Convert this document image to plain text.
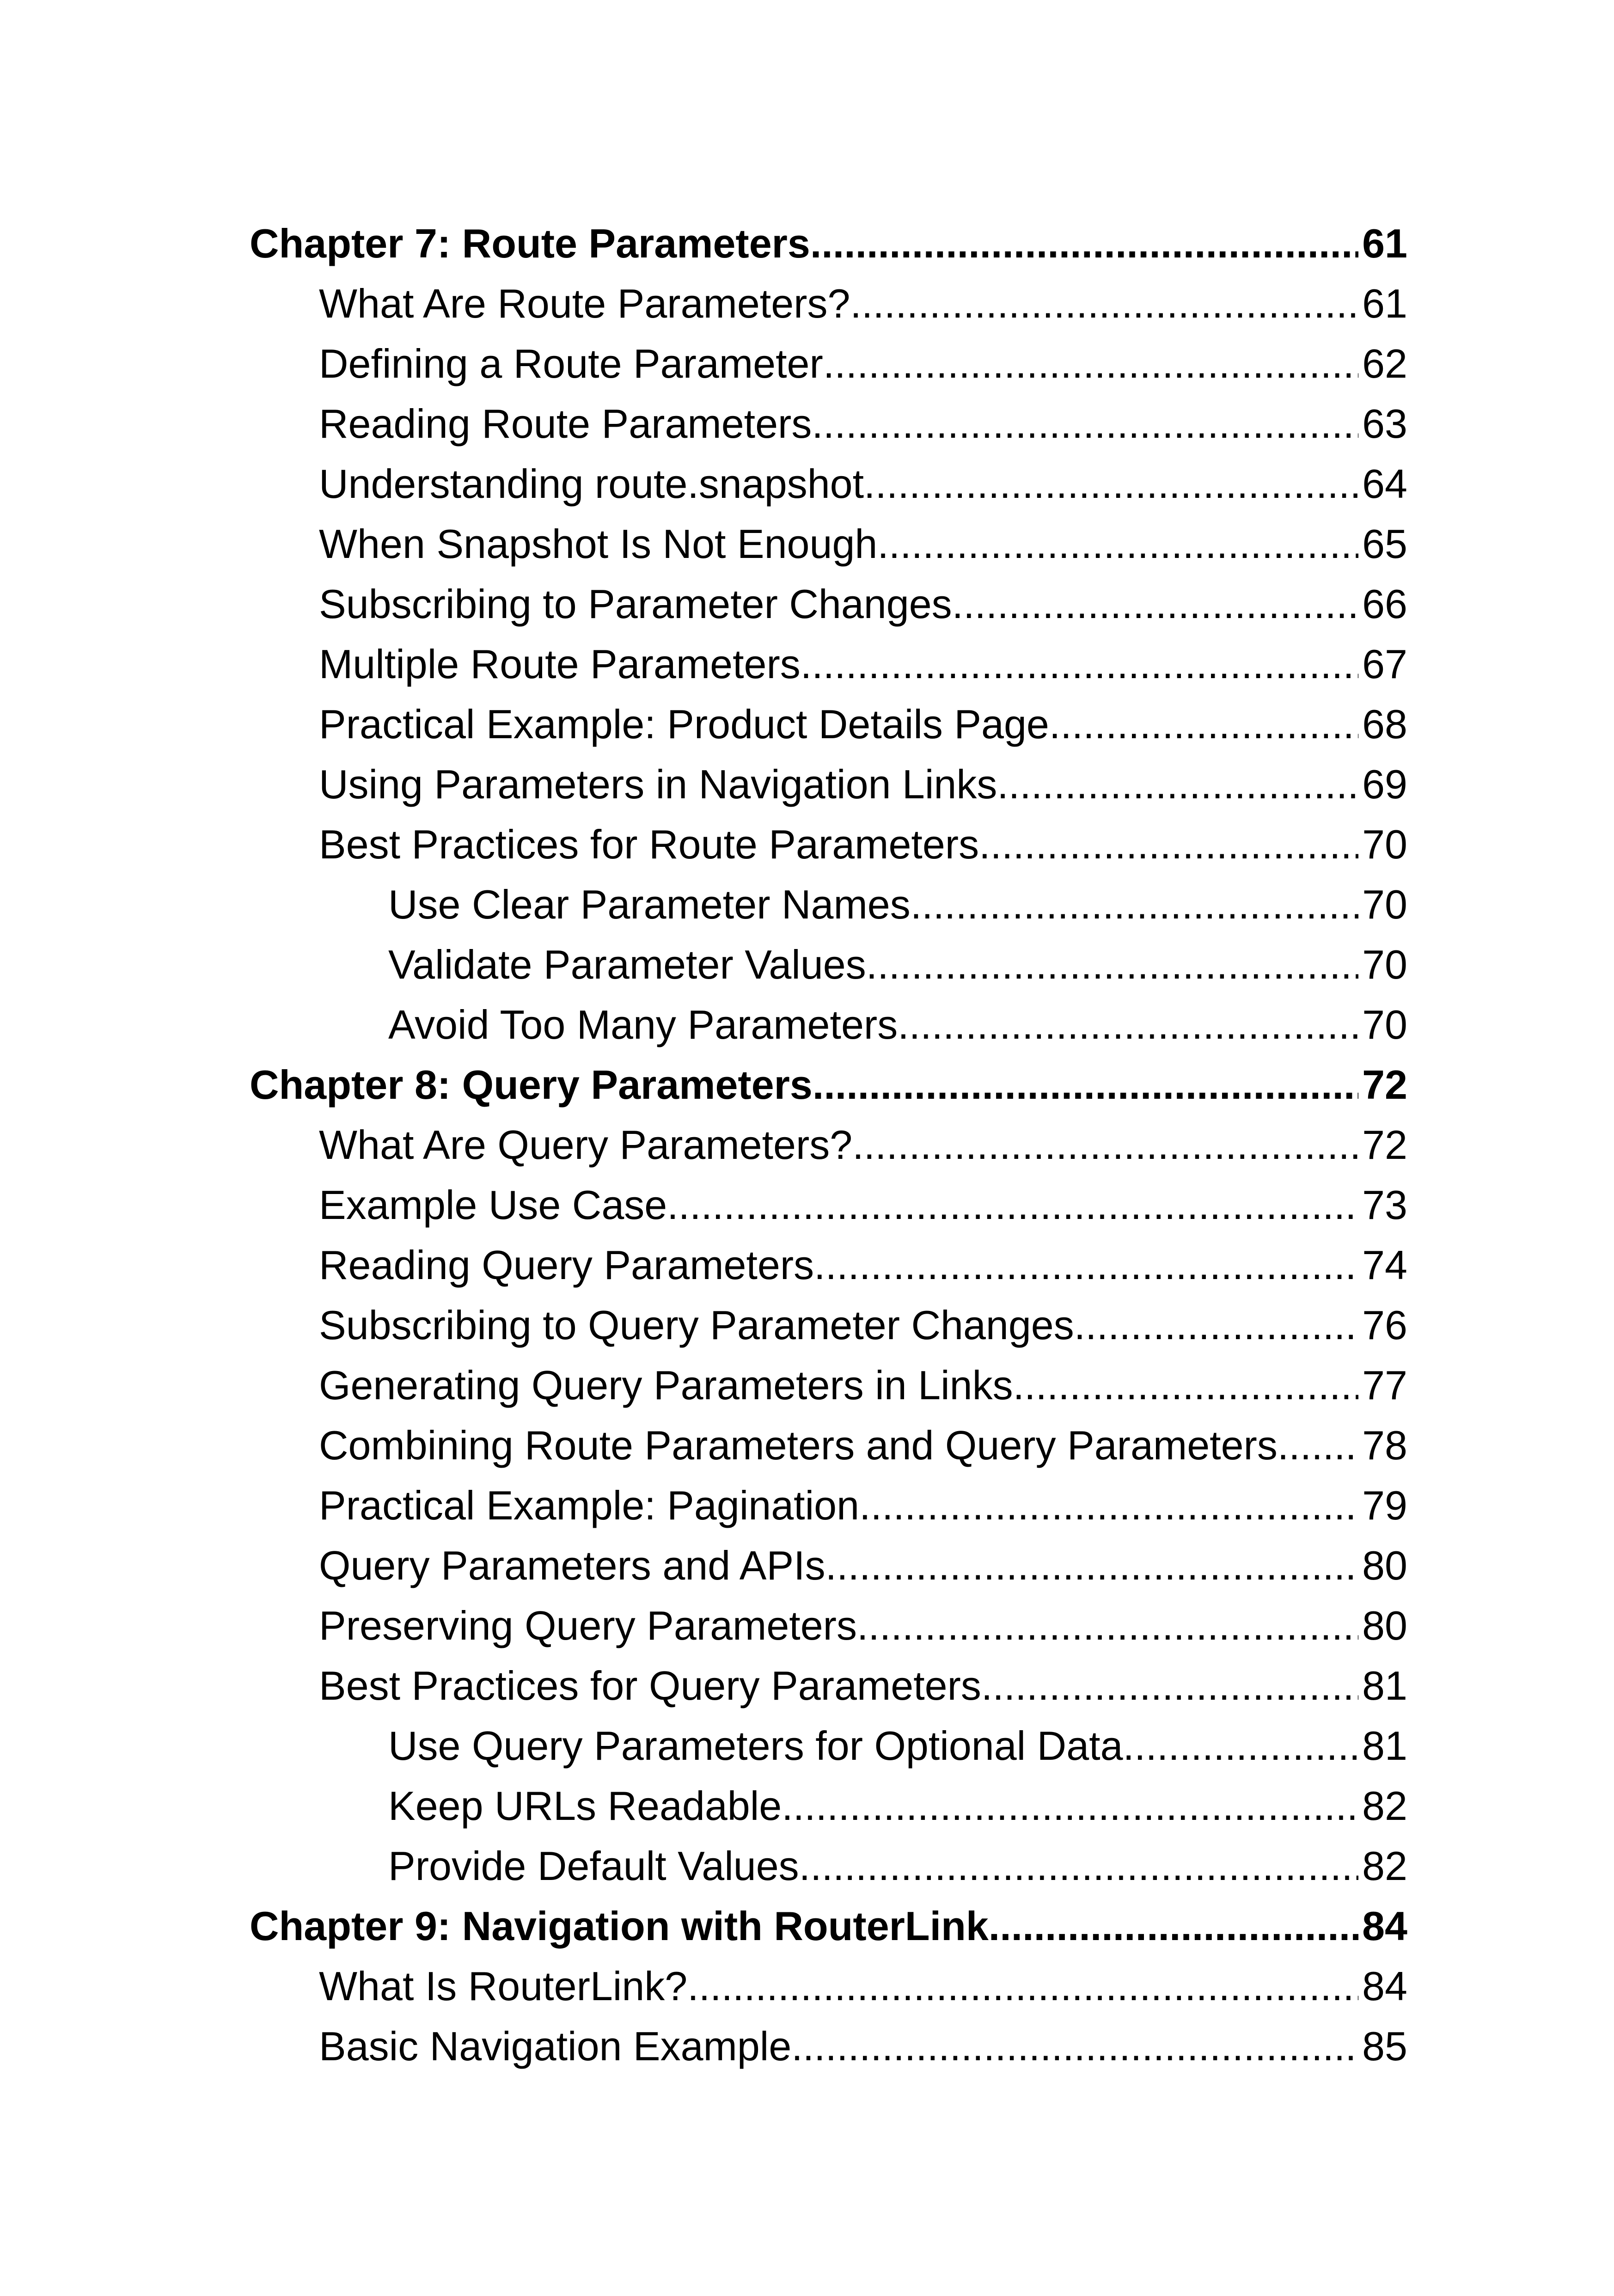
Chapter 7: Route Parameters .....	61
What Are Route Parameters? .....	61
Defining a Route Parameter .....	62
Reading Route Parameters .....	63
Understanding route.snapshot .....	64
When Snapshot Is Not Enough .....	65
Subscribing to Parameter Changes .....	66
Multiple Route Parameters .....	67
Practical Example: Product Details Page .....	68
Using Parameters in Navigation Links .....	69
Best Practices for Route Parameters .....	70
Use Clear Parameter Names .....	70
Validate Parameter Values .....	70
Avoid Too Many Parameters .....	70
Chapter 8: Query Parameters .....	72
What Are Query Parameters? .....	72
Example Use Case .....	73
Reading Query Parameters .....	74
Subscribing to Query Parameter Changes .....	76
Generating Query Parameters in Links .....	77
Combining Route Parameters and Query Parameters ..... 78
Practical Example: Pagination .....	79
Query Parameters and APIs .....	80
Preserving Query Parameters .....	80
Best Practices for Query Parameters .....	81
Use Query Parameters for Optional Data .....	81
Keep URLs Readable .....	82
Provide Default Values .....	82
Chapter 9: Navigation with RouterLink .....	84
What Is RouterLink? .....	84
Basic Navigation Example .....	85
